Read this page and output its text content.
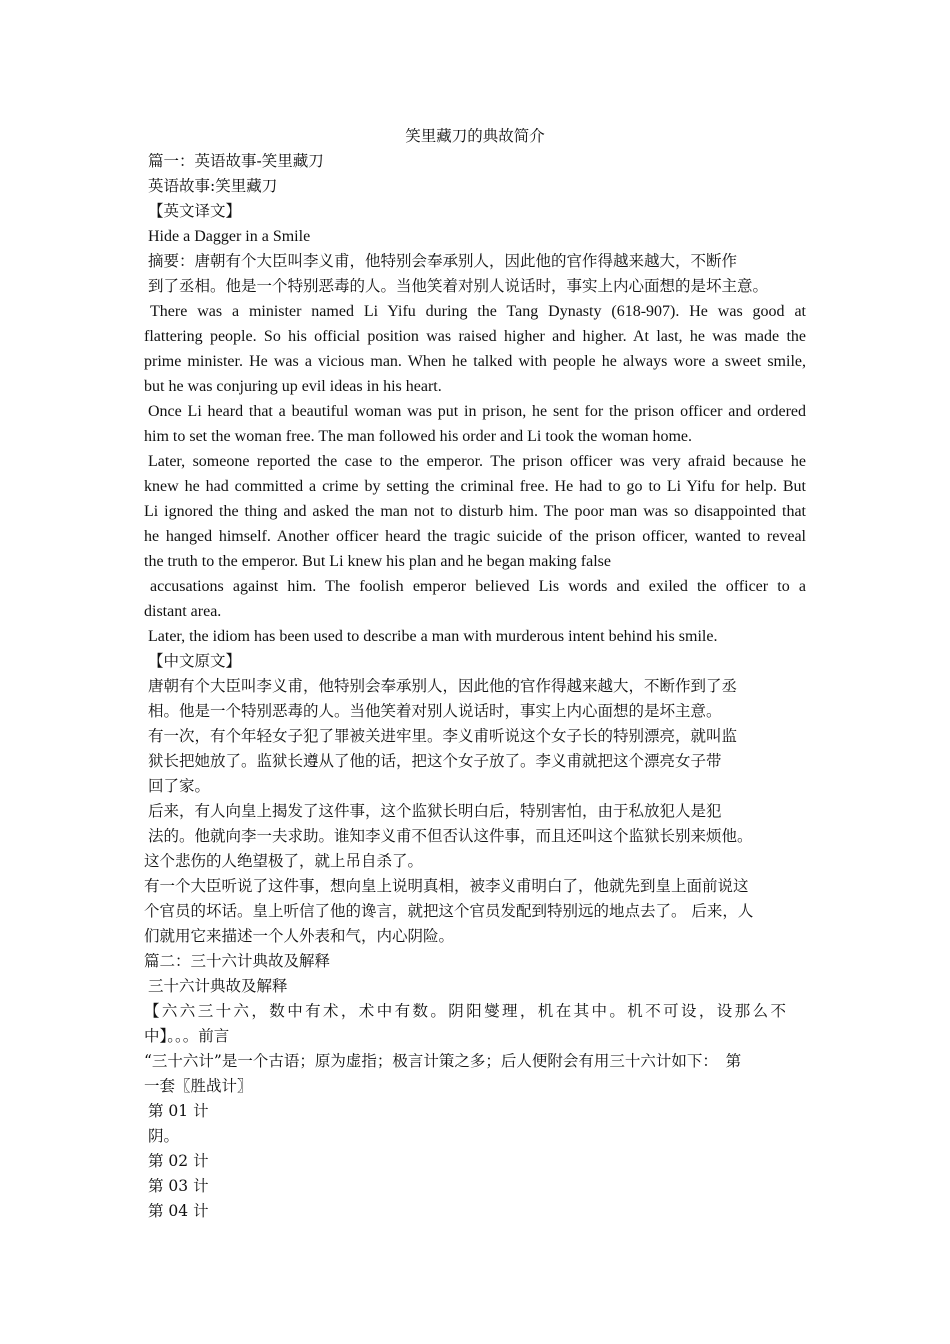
笑里藏刀的典故简介
篇一：英语故事-笑里藏刀
英语故事:笑里藏刀
【英文译文】
Hide a Dagger in a Smile
摘要：唐朝有个大臣叫李义甫，他特别会奉承别人，因此他的官作得越来越大，不断作
到了丞相。他是一个特别恶毒的人。当他笑着对别人说话时，事实上内心面想的是坏主意。
There was a minister named Li Yifu during the Tang Dynasty (618-907). He was good at
flattering people. So his official position was raised higher and higher. At last, he was made the
prime minister. He was a vicious man. When he talked with people he always wore a sweet smile,
but he was conjuring up evil ideas in his heart.
Once Li heard that a beautiful woman was put in prison, he sent for the prison officer and ordered
him to set the woman free. The man followed his order and Li took the woman home.
Later, someone reported the case to the emperor. The prison officer was very afraid because he
knew he had committed a crime by setting the criminal free. He had to go to Li Yifu for help. But
Li ignored the thing and asked the man not to disturb him. The poor man was so disappointed that
he hanged himself. Another officer heard the tragic suicide of the prison officer, wanted to reveal
the truth to the emperor. But Li knew his plan and he began making false
accusations against him. The foolish emperor believed Lis words and exiled the officer to a
distant area.
Later, the idiom has been used to describe a man with murderous intent behind his smile.
【中文原文】
唐朝有个大臣叫李义甫，他特别会奉承别人，因此他的官作得越来越大，不断作到了丞
相。他是一个特别恶毒的人。当他笑着对别人说话时，事实上内心面想的是坏主意。
有一次，有个年轻女子犯了罪被关进牢里。李义甫听说这个女子长的特别漂亮，就叫监
狱长把她放了。监狱长遵从了他的话，把这个女子放了。李义甫就把这个漂亮女子带
回了家。
后来，有人向皇上揭发了这件事，这个监狱长明白后，特别害怕，由于私放犯人是犯
法的。他就向李一夫求助。谁知李义甫不但否认这件事，而且还叫这个监狱长别来烦他。
这个悲伤的人绝望极了，就上吊自杀了。
有一个大臣听说了这件事，想向皇上说明真相，被李义甫明白了，他就先到皇上面前说这
个官员的坏话。皇上听信了他的谗言，就把这个官员发配到特别远的地点去了。 后来，人
们就用它来描述一个人外表和气，内心阴险。
篇二：三十六计典故及解释
三十六计典故及解释
【六六三十六，数中有术，术中有数。阴阳燮理，机在其中。机不可设，设那么不
中】。。。前言
“三十六计”是一个古语；原为虚指；极言计策之多；后人便附会有用三十六计如下：　第
一套〖胜战计〗
第 01 计
阴。
第 02 计
第 03 计
第 04 计
